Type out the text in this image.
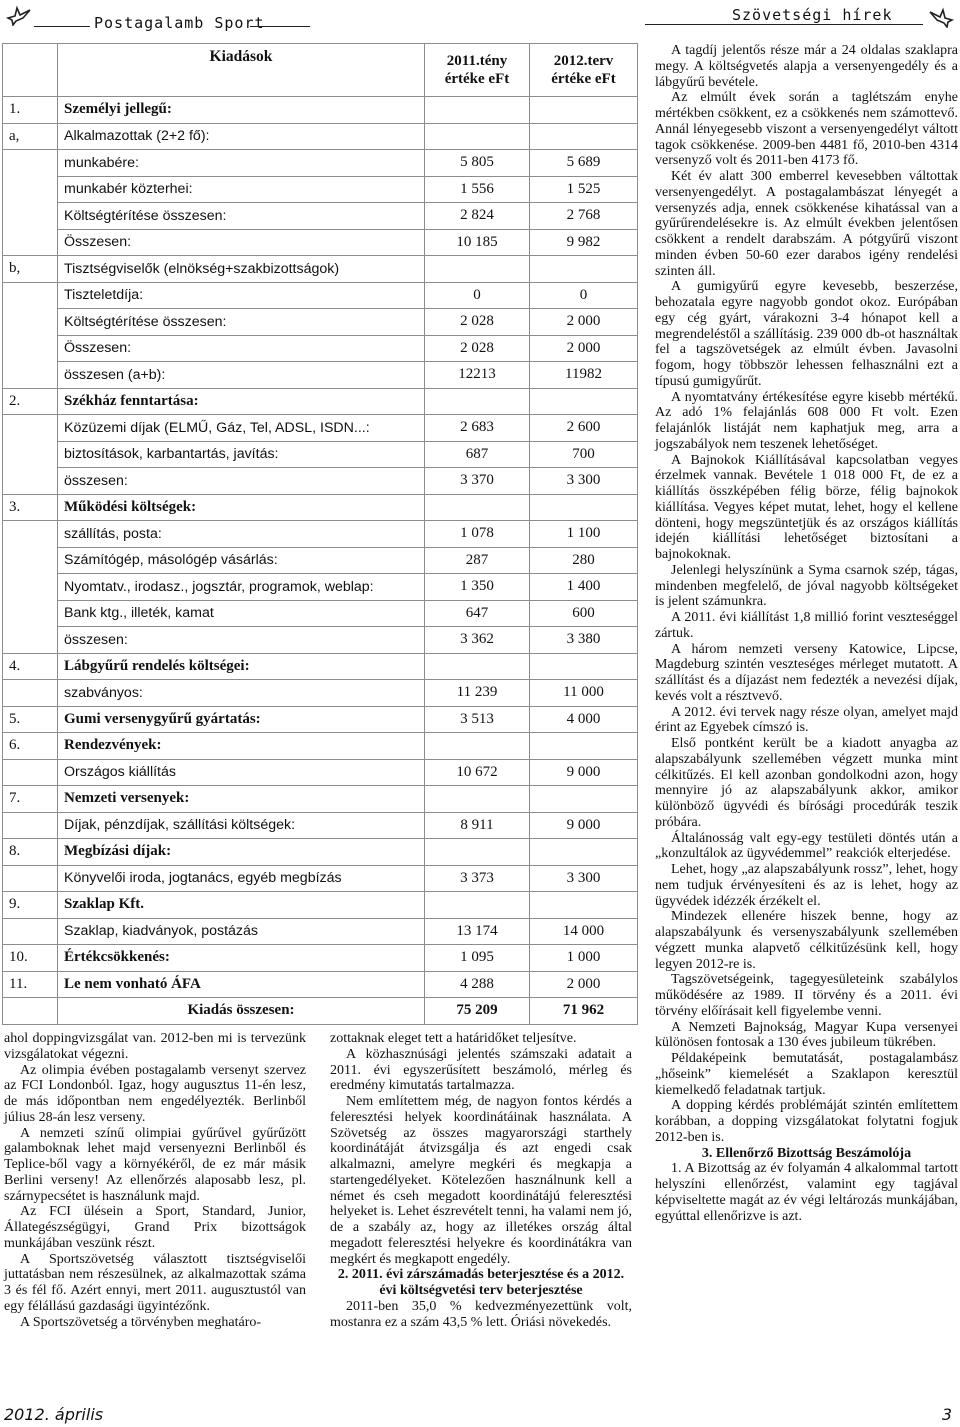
Postagalamb Sport	Szövetségi hírek
	Kiadások	2011.tény értéke eFt	2012.terv értéke eFt
1.	Személyi jellegű:		
a,	Alkalmazottak (2+2 fő):		
	munkabére:	5 805	5 689
	munkabér közterhei:	1 556	1 525
	Költségtérítése összesen:	2 824	2 768
	Összesen:	10 185	9 982
b,	Tisztségviselők (elnökség+szakbizottságok)		
	Tiszteletdíja:	0	0
	Költségtérítése összesen:	2 028	2 000
	Összesen:	2 028	2 000
	összesen (a+b):	12213	11982
2.	Székház fenntartása:		
	Közüzemi díjak (ELMŰ, Gáz, Tel, ADSL, ISDN...:	2 683	2 600
	biztosítások, karbantartás, javítás:	687	700
	összesen:	3 370	3 300
3.	Működési költségek:		
	szállítás, posta:	1 078	1 100
	Számítógép, másológép vásárlás:	287	280
	Nyomtatv., irodasz., jogsztár, programok, weblap:	1 350	1 400
	Bank ktg., illeték, kamat	647	600
	összesen:	3 362	3 380
4.	Lábgyűrű rendelés költségei:		
	szabványos:	11 239	11 000
5.	Gumi versenygyűrű gyártatás:	3 513	4 000
6.	Rendezvények:		
	Országos kiállítás	10 672	9 000
7.	Nemzeti versenyek:		
	Díjak, pénzdíjak, szállítási költségek:	8 911	9 000
8.	Megbízási díjak:		
	Könyvelői iroda, jogtanács, egyéb megbízás	3 373	3 300
9.	Szaklap Kft.		
	Szaklap, kiadványok, postázás	13 174	14 000
10.	Értékcsökkenés:	1 095	1 000
11.	Le nem vonható ÁFA	4 288	2 000
	Kiadás összesen:	75 209	71 962

ahol doppingvizsgálat van. 2012-ben mi is tervezünk vizsgálatokat végezni.

Az olimpia évében postagalamb versenyt szervez az FCI Londonból. Igaz, hogy augusztus 11-én lesz, de más időpontban nem engedélyezték. Berlinből július 28-án lesz verseny.

A nemzeti színű olimpiai gyűrűvel gyűrűzött galamboknak lehet majd versenyezni Berlinből és Teplice-ből vagy a környékéről, de ez már másik Berlini verseny! Az ellenőrzés alaposabb lesz, pl. szárnypecsétet is használunk majd.

Az FCI ülésein a Sport, Standard, Junior, Állategészségügyi, Grand Prix bizottságok munkájában veszünk részt.

A Sportszövetség választott tisztségviselői juttatásban nem részesülnek, az alkalmazottak száma 3 és fél fő. Azért ennyi, mert 2011. augusztustól van egy félállású gazdasági ügyintézőnk.

A Sportszövetség a törvényben meghatáro-

zottaknak eleget tett a határidőket teljesítve.

A közhasznúsági jelentés számszaki adatait a 2011. évi egyszerűsített beszámoló, mérleg és eredmény kimutatás tartalmazza.

Nem említettem még, de nagyon fontos kérdés a feleresztési helyek koordinátáinak használata. A Szövetség az összes magyarországi starthely koordinátáját átvizsgálja és azt engedi csak alkalmazni, amelyre megkéri és megkapja a startengedélyeket. Kötelezően használnunk kell a német és cseh megadott koordinátájú feleresztési helyeket is. Lehet észrevételt tenni, ha valami nem jó, de a szabály az, hogy az illetékes ország által megadott feleresztési helyekre és koordinátákra van megkért és megkapott engedély.

2. 2011. évi zárszámadás beterjesztése és a 2012. évi költségvetési terv beterjesztése

2011-ben 35,0 % kedvezményezettünk volt, mostanra ez a szám 43,5 % lett. Óriási növekedés.

A tagdíj jelentős része már a 24 oldalas szaklapra megy. A költségvetés alapja a versenyengedély és a lábgyűrű bevétele.

Az elmúlt évek során a taglétszám enyhe mértékben csökkent, ez a csökkenés nem számottevő. Annál lényegesebb viszont a versenyengedélyt váltott tagok csökkenése. 2009-ben 4481 fő, 2010-ben 4314 versenyző volt és 2011-ben 4173 fő.

Két év alatt 300 emberrel kevesebben váltottak versenyengedélyt. A postagalambászat lényegét a versenyzés adja, ennek csökkenése kihatással van a gyűrűrendelésekre is. Az elmúlt években jelentősen csökkent a rendelt darabszám. A pótgyűrű viszont minden évben 50-60 ezer darabos igény rendelési szinten áll.

A gumigyűrű egyre kevesebb, beszerzése, behozatala egyre nagyobb gondot okoz. Európában egy cég gyárt, várakozni 3-4 hónapot kell a megrendeléstől a szállításig. 239 000 db-ot használtak fel a tagszövetségek az elmúlt évben. Javasolni fogom, hogy többször lehessen felhasználni ezt a típusú gumigyűrűt.

A nyomtatvány értékesítése egyre kisebb mértékű. Az adó 1% felajánlás 608 000 Ft volt. Ezen felajánlók listáját nem kaphatjuk meg, arra a jogszabályok nem teszenek lehetőséget.

A Bajnokok Kiállításával kapcsolatban vegyes érzelmek vannak. Bevétele 1 018 000 Ft, de ez a kiállítás összképében félig börze, félig bajnokok kiállítása. Vegyes képet mutat, lehet, hogy el kellene dönteni, hogy megszüntetjük és az országos kiállítás idején kiállítási lehetőséget biztosítani a bajnokoknak.

Jelenlegi helyszínünk a Syma csarnok szép, tágas, mindenben megfelelő, de jóval nagyobb költségeket is jelent számunkra.

A 2011. évi kiállítást 1,8 millió forint veszteséggel zártuk.

A három nemzeti verseny Katowice, Lipcse, Magdeburg szintén veszteséges mérleget mutatott. A szállítást és a díjazást nem fedezték a nevezési díjak, kevés volt a résztvevő.

A 2012. évi tervek nagy része olyan, amelyet majd érint az Egyebek címszó is.

Első pontként került be a kiadott anyagba az alapszabályunk szellemében végzett munka mint célkitűzés. El kell azonban gondolkodni azon, hogy mennyire jó az alapszabályunk akkor, amikor különböző ügyvédi és bírósági procedúrák teszik próbára.

Általánosság valt egy-egy testületi döntés után a „konzultálok az ügyvédemmel” reakciók elterjedése.

Lehet, hogy „az alapszabályunk rossz”, lehet, hogy nem tudjuk érvényesíteni és az is lehet, hogy az ügyvédek idézzék érzékelt el.

Mindezek ellenére hiszek benne, hogy az alapszabályunk és versenyszabályunk szellemében végzett munka alapvető célkitűzésünk kell, hogy legyen 2012-re is.

Tagszövetségeink, tagegyesületeink szabálylos működésére az 1989. II törvény és a 2011. évi törvény előírásait kell figyelembe venni.

A Nemzeti Bajnokság, Magyar Kupa versenyei különösen fontosak a 130 éves jubileum tükrében.

Példaképeink bemutatását, postagalambász „hőseink” kiemelését a Szaklapon keresztül kiemelkedő feladatnak tartjuk.

A dopping kérdés problémáját szintén említettem korábban, a dopping vizsgálatokat folytatni fogjuk 2012-ben is.

3. Ellenőrző Bizottság Beszámolója

1. A Bizottság az év folyamán 4 alkalommal tartott helyszíni ellenőrzést, valamint egy tagjával képviseltette magát az év végi leltározás munkájában, egyúttal ellenőrizve is azt.

2012. április	3
